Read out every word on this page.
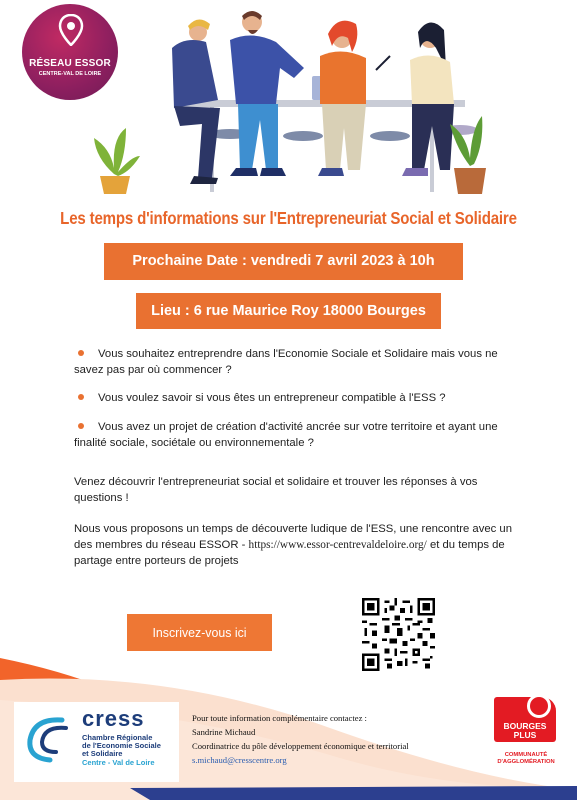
RÉSEAU ESSOR
CENTRE-VAL DE LOIRE
Les temps d'informations sur l'Entrepreneuriat Social et Solidaire
Prochaine Date : vendredi 7 avril 2023 à 10h
Lieu : 6 rue Maurice Roy 18000 Bourges
Vous souhaitez entreprendre dans l'Economie Sociale et Solidaire mais vous ne savez pas par où commencer ?
Vous voulez savoir si vous êtes un entrepreneur compatible à l'ESS ?
Vous avez un projet de création d'activité ancrée sur votre territoire et ayant une finalité sociale, sociétale ou environnementale ?
Venez découvrir l'entrepreneuriat social et solidaire et trouver les réponses à vos questions !
Nous vous proposons un temps de découverte ludique de l'ESS, une rencontre avec un des membres du réseau ESSOR - https://www.essor-centrevaldeloire.org/ et du temps de partage entre porteurs de projets
Inscrivez-vous ici
cress
Chambre Régionale
de l'Economie Sociale
et Solidaire
Centre - Val de Loire
Pour toute information complémentaire contactez :
Sandrine Michaud
Coordinatrice du pôle développement économique et territorial
s.michaud@cresscentre.org
BOURGES
PLUS
COMMUNAUTÉ
D'AGGLOMÉRATION
